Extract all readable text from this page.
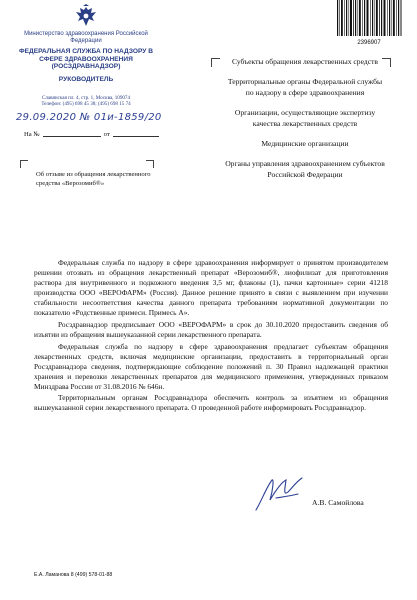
Министерство здравоохранения Российской Федерации
ФЕДЕРАЛЬНАЯ СЛУЖБА ПО НАДЗОРУ В СФЕРЕ ЗДРАВООХРАНЕНИЯ (РОСЗДРАВНАДЗОР)
РУКОВОДИТЕЛЬ
Славянская пл. 4, стр. 1, Москва, 109074
Телефон: (495) 698 45 38; (495) 698 15 74
29.09.2020 № 01и-1859/20
На №	от
2396907
Субъекты обращения лекарственных средств
Территориальные органы Федеральной службы по надзору в сфере здравоохранения
Организации, осуществляющие экспертизу качества лекарственных средств
Медицинские организации
Органы управления здравоохранением субъектов Российской Федерации
Об отзыве из обращения лекарственного средства «Верозомиб®»

Федеральная служба по надзору в сфере здравоохранения информирует о принятом производителем решении отозвать из обращения лекарственный препарат «Верозомиб®, лиофилизат для приготовления раствора для внутривенного и подкожного введения 3,5 мг, флаконы (1), пачки картонные» серии 41218 производства ООО «ВЕРОФАРМ» (Россия). Данное решение принято в связи с выявлением при изучении стабильности несоответствия качества данного препарата требованиям нормативной документации по показателю «Родственные примеси. Примесь А».

Росздравнадзор предписывает ООО «ВЕРОФАРМ» в срок до 30.10.2020 предоставить сведения об изъятии из обращения вышеуказанной серии лекарственного препарата.

Федеральная служба по надзору в сфере здравоохранения предлагает субъектам обращения лекарственных средств, включая медицинские организации, предоставить в территориальный орган Росздравнадзора сведения, подтверждающие соблюдение положений п. 30 Правил надлежащей практики хранения и перевозки лекарственных препаратов для медицинского применения, утвержденных приказом Минздрава России от 31.08.2016 № 646н.

Территориальным органам Росздравнадзора обеспечить контроль за изъятием из обращения вышеуказанной серии лекарственного препарата. О проведенной работе информировать Росздравнадзор.

А.В. Самойлова
Е.А. Ламанова 8 (499) 578-01-88
